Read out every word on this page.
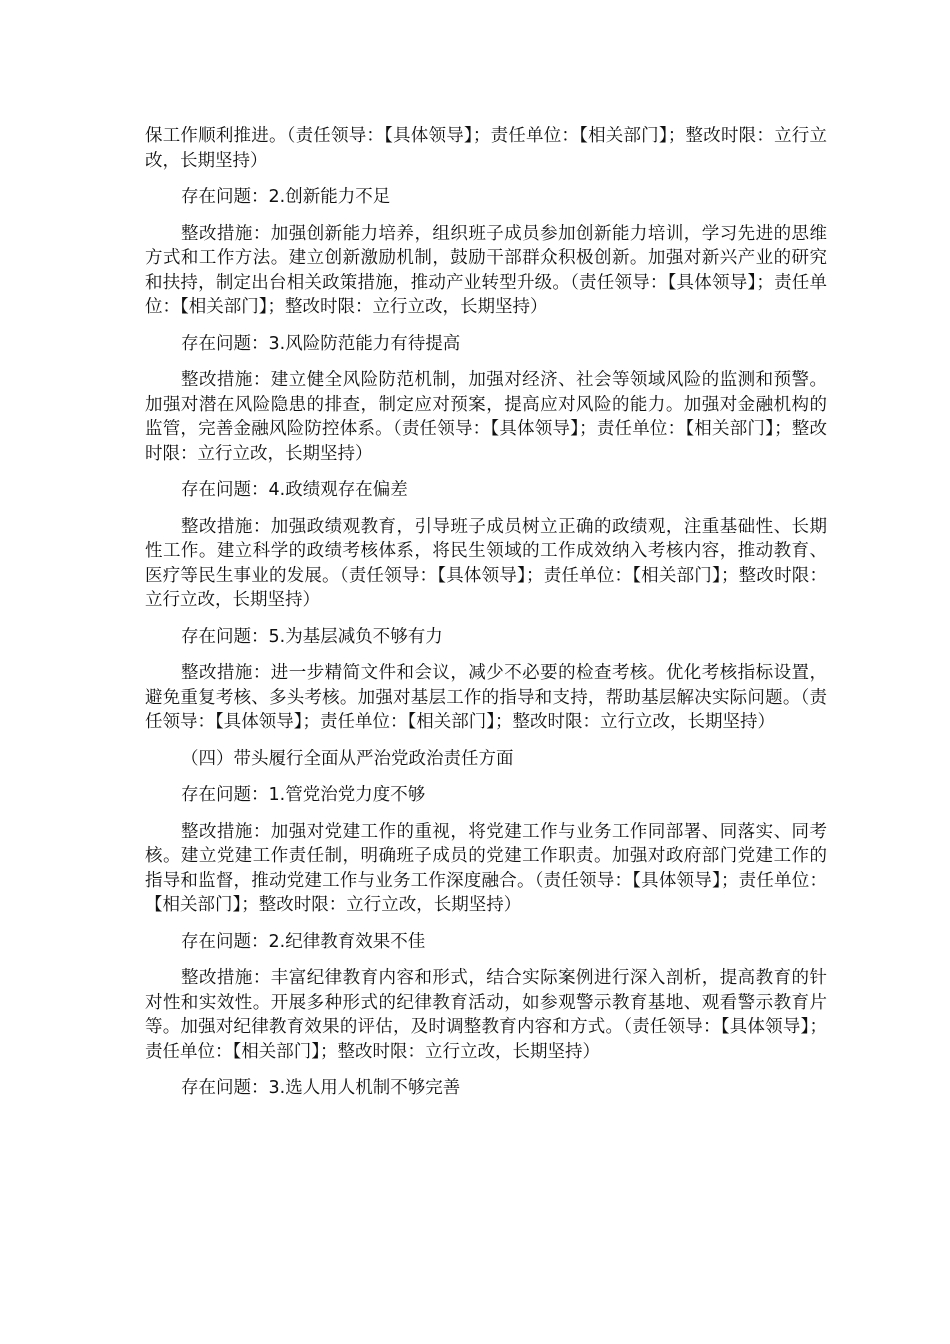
保工作顺利推进。（责任领导：【具体领导】；责任单位：【相关部门】；整改时限：立行立改，长期坚持）

存在问题：2.创新能力不足

整改措施：加强创新能力培养，组织班子成员参加创新能力培训，学习先进的思维方式和工作方法。建立创新激励机制，鼓励干部群众积极创新。加强对新兴产业的研究和扶持，制定出台相关政策措施，推动产业转型升级。（责任领导：【具体领导】；责任单位：【相关部门】；整改时限：立行立改，长期坚持）

存在问题：3.风险防范能力有待提高

整改措施：建立健全风险防范机制，加强对经济、社会等领域风险的监测和预警。加强对潜在风险隐患的排查，制定应对预案，提高应对风险的能力。加强对金融机构的监管，完善金融风险防控体系。（责任领导：【具体领导】；责任单位：【相关部门】；整改时限：立行立改，长期坚持）

存在问题：4.政绩观存在偏差

整改措施：加强政绩观教育，引导班子成员树立正确的政绩观，注重基础性、长期性工作。建立科学的政绩考核体系，将民生领域的工作成效纳入考核内容，推动教育、医疗等民生事业的发展。（责任领导：【具体领导】；责任单位：【相关部门】；整改时限：立行立改，长期坚持）

存在问题：5.为基层减负不够有力

整改措施：进一步精简文件和会议，减少不必要的检查考核。优化考核指标设置，避免重复考核、多头考核。加强对基层工作的指导和支持，帮助基层解决实际问题。（责任领导：【具体领导】；责任单位：【相关部门】；整改时限：立行立改，长期坚持）

（四）带头履行全面从严治党政治责任方面

存在问题：1.管党治党力度不够

整改措施：加强对党建工作的重视，将党建工作与业务工作同部署、同落实、同考核。建立党建工作责任制，明确班子成员的党建工作职责。加强对政府部门党建工作的指导和监督，推动党建工作与业务工作深度融合。（责任领导：【具体领导】；责任单位：【相关部门】；整改时限：立行立改，长期坚持）

存在问题：2.纪律教育效果不佳

整改措施：丰富纪律教育内容和形式，结合实际案例进行深入剖析，提高教育的针对性和实效性。开展多种形式的纪律教育活动，如参观警示教育基地、观看警示教育片等。加强对纪律教育效果的评估，及时调整教育内容和方式。（责任领导：【具体领导】；责任单位：【相关部门】；整改时限：立行立改，长期坚持）

存在问题：3.选人用人机制不够完善
